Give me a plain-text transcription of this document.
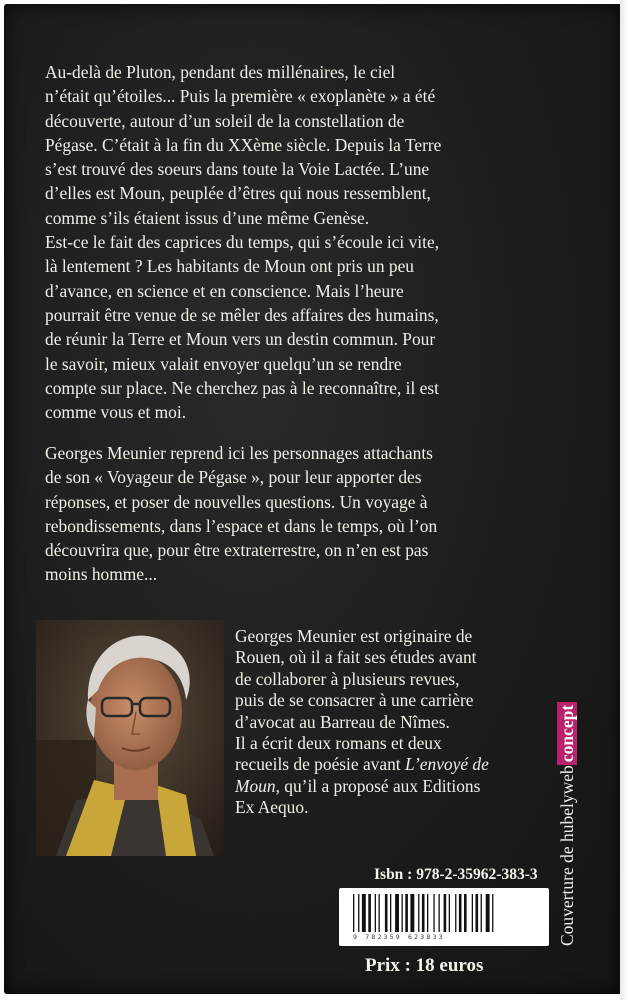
Au-delà de Pluton, pendant des millénaires, le ciel
n’était qu’étoiles... Puis la première « exoplanète » a été
découverte, autour d’un soleil de la constellation de
Pégase. C’était à la fin du XXème siècle. Depuis la Terre
s’est trouvé des soeurs dans toute la Voie Lactée. L’une
d’elles est Moun, peuplée d’êtres qui nous ressemblent,
comme s’ils étaient issus d’une même Genèse.
Est-ce le fait des caprices du temps, qui s’écoule ici vite,
là lentement ? Les habitants de Moun ont pris un peu
d’avance, en science et en conscience. Mais l’heure
pourrait être venue de se mêler des affaires des humains,
de réunir la Terre et Moun vers un destin commun. Pour
le savoir, mieux valait envoyer quelqu’un se rendre
compte sur place. Ne cherchez pas à le reconnaître, il est
comme vous et moi.
Georges Meunier reprend ici les personnages attachants
de son « Voyageur de Pégase », pour leur apporter des
réponses, et poser de nouvelles questions. Un voyage à
rebondissements, dans l’espace et dans le temps, où l’on
découvrira que, pour être extraterrestre, on n’en est pas
moins homme...

Georges Meunier est originaire de
Rouen, où il a fait ses études avant
de collaborer à plusieurs revues,
puis de se consacrer à une carrière
d’avocat au Barreau de Nîmes.

Il a écrit deux romans et deux
recueils de poésie avant L’envoyé de
Moun, qu’il a proposé aux Editions
Ex Aequo.

Isbn : 978-2-35962-383-3
9 782359 623833
Prix : 18 euros
Couverture de hubelywebconcept
